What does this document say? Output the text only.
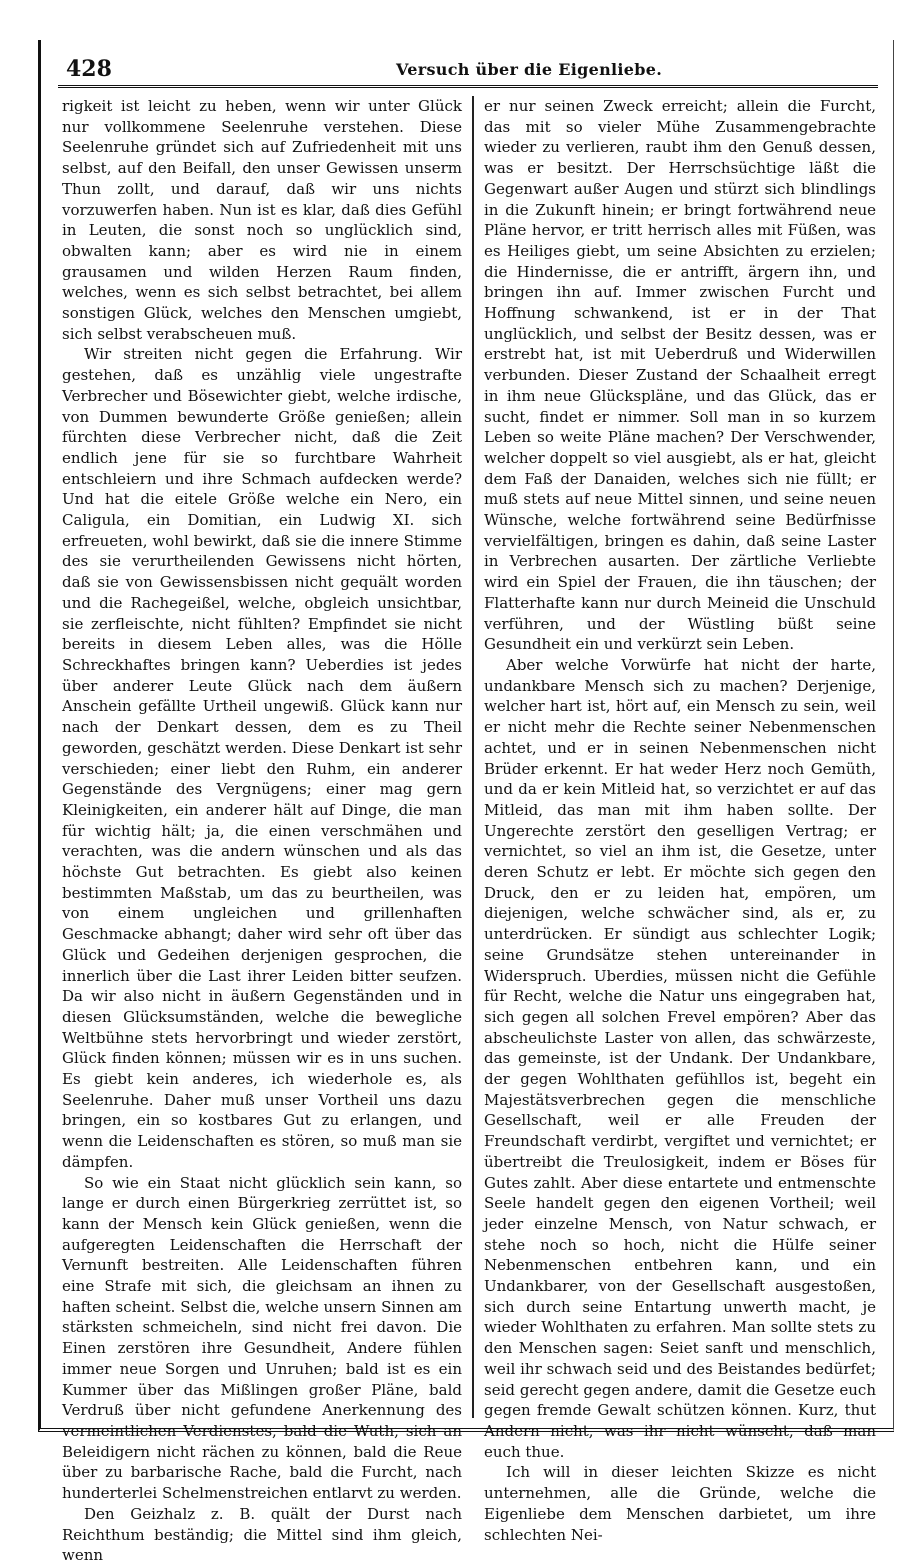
428	Versuch über die Eigenliebe.

rigkeit ist leicht zu heben, wenn wir unter Glück nur vollkommene Seelenruhe verstehen. Diese Seelenruhe gründet sich auf Zufriedenheit mit uns selbst, auf den Beifall, den unser Gewissen unserm Thun zollt, und darauf, daß wir uns nichts vorzuwerfen haben. Nun ist es klar, daß dies Gefühl in Leuten, die sonst noch so unglücklich sind, obwalten kann; aber es wird nie in einem grausamen und wilden Herzen Raum finden, welches, wenn es sich selbst betrachtet, bei allem sonstigen Glück, welches den Menschen umgiebt, sich selbst verabscheuen muß.

Wir streiten nicht gegen die Erfahrung. Wir gestehen, daß es unzählig viele ungestrafte Verbrecher und Bösewichter giebt, welche irdische, von Dummen bewunderte Größe genießen; allein fürchten diese Verbrecher nicht, daß die Zeit endlich jene für sie so furchtbare Wahrheit entschleiern und ihre Schmach aufdecken werde? Und hat die eitele Größe welche ein Nero, ein Caligula, ein Domitian, ein Ludwig XI. sich erfreueten, wohl bewirkt, daß sie die innere Stimme des sie verurtheilenden Gewissens nicht hörten, daß sie von Gewissensbissen nicht gequält worden und die Rachegeißel, welche, obgleich unsichtbar, sie zerfleischte, nicht fühlten? Empfindet sie nicht bereits in diesem Leben alles, was die Hölle Schreckhaftes bringen kann? Ueberdies ist jedes über anderer Leute Glück nach dem äußern Anschein gefällte Urtheil ungewiß. Glück kann nur nach der Denkart dessen, dem es zu Theil geworden, geschätzt werden. Diese Denkart ist sehr verschieden; einer liebt den Ruhm, ein anderer Gegenstände des Vergnügens; einer mag gern Kleinigkeiten, ein anderer hält auf Dinge, die man für wichtig hält; ja, die einen verschmähen und verachten, was die andern wünschen und als das höchste Gut betrachten. Es giebt also keinen bestimmten Maßstab, um das zu beurtheilen, was von einem ungleichen und grillenhaften Geschmacke abhangt; daher wird sehr oft über das Glück und Gedeihen derjenigen gesprochen, die innerlich über die Last ihrer Leiden bitter seufzen. Da wir also nicht in äußern Gegenständen und in diesen Glücksumständen, welche die bewegliche Weltbühne stets hervorbringt und wieder zerstört, Glück finden können; müssen wir es in uns suchen. Es giebt kein anderes, ich wiederhole es, als Seelenruhe. Daher muß unser Vortheil uns dazu bringen, ein so kostbares Gut zu erlangen, und wenn die Leidenschaften es stören, so muß man sie dämpfen.

So wie ein Staat nicht glücklich sein kann, so lange er durch einen Bürgerkrieg zerrüttet ist, so kann der Mensch kein Glück genießen, wenn die aufgeregten Leidenschaften die Herrschaft der Vernunft bestreiten. Alle Leidenschaften führen eine Strafe mit sich, die gleichsam an ihnen zu haften scheint. Selbst die, welche unsern Sinnen am stärksten schmeicheln, sind nicht frei davon. Die Einen zerstören ihre Gesundheit, Andere fühlen immer neue Sorgen und Unruhen; bald ist es ein Kummer über das Mißlingen großer Pläne, bald Verdruß über nicht gefundene Anerkennung des vermeintlichen Verdienstes, bald die Wuth, sich an Beleidigern nicht rächen zu können, bald die Reue über zu barbarische Rache, bald die Furcht, nach hunderterlei Schelmenstreichen entlarvt zu werden.

Den Geizhalz z. B. quält der Durst nach Reichthum beständig; die Mittel sind ihm gleich, wenn

er nur seinen Zweck erreicht; allein die Furcht, das mit so vieler Mühe Zusammengebrachte wieder zu verlieren, raubt ihm den Genuß dessen, was er besitzt. Der Herrschsüchtige läßt die Gegenwart außer Augen und stürzt sich blindlings in die Zukunft hinein; er bringt fortwährend neue Pläne hervor, er tritt herrisch alles mit Füßen, was es Heiliges giebt, um seine Absichten zu erzielen; die Hindernisse, die er antrifft, ärgern ihn, und bringen ihn auf. Immer zwischen Furcht und Hoffnung schwankend, ist er in der That unglücklich, und selbst der Besitz dessen, was er erstrebt hat, ist mit Ueberdruß und Widerwillen verbunden. Dieser Zustand der Schaalheit erregt in ihm neue Glückspläne, und das Glück, das er sucht, findet er nimmer. Soll man in so kurzem Leben so weite Pläne machen? Der Verschwender, welcher doppelt so viel ausgiebt, als er hat, gleicht dem Faß der Danaiden, welches sich nie füllt; er muß stets auf neue Mittel sinnen, und seine neuen Wünsche, welche fortwährend seine Bedürfnisse vervielfältigen, bringen es dahin, daß seine Laster in Verbrechen ausarten. Der zärtliche Verliebte wird ein Spiel der Frauen, die ihn täuschen; der Flatterhafte kann nur durch Meineid die Unschuld verführen, und der Wüstling büßt seine Gesundheit ein und verkürzt sein Leben.

Aber welche Vorwürfe hat nicht der harte, undankbare Mensch sich zu machen? Derjenige, welcher hart ist, hört auf, ein Mensch zu sein, weil er nicht mehr die Rechte seiner Nebenmenschen achtet, und er in seinen Nebenmenschen nicht Brüder erkennt. Er hat weder Herz noch Gemüth, und da er kein Mitleid hat, so verzichtet er auf das Mitleid, das man mit ihm haben sollte. Der Ungerechte zerstört den geselligen Vertrag; er vernichtet, so viel an ihm ist, die Gesetze, unter deren Schutz er lebt. Er möchte sich gegen den Druck, den er zu leiden hat, empören, um diejenigen, welche schwächer sind, als er, zu unterdrücken. Er sündigt aus schlechter Logik; seine Grundsätze stehen untereinander in Widerspruch. Uberdies, müssen nicht die Gefühle für Recht, welche die Natur uns eingegraben hat, sich gegen all solchen Frevel empören? Aber das abscheulichste Laster von allen, das schwärzeste, das gemeinste, ist der Undank. Der Undankbare, der gegen Wohlthaten gefühllos ist, begeht ein Majestätsverbrechen gegen die menschliche Gesellschaft, weil er alle Freuden der Freundschaft verdirbt, vergiftet und vernichtet; er übertreibt die Treulosigkeit, indem er Böses für Gutes zahlt. Aber diese entartete und entmenschte Seele handelt gegen den eigenen Vortheil; weil jeder einzelne Mensch, von Natur schwach, er stehe noch so hoch, nicht die Hülfe seiner Nebenmenschen entbehren kann, und ein Undankbarer, von der Gesellschaft ausgestoßen, sich durch seine Entartung unwerth macht, je wieder Wohlthaten zu erfahren. Man sollte stets zu den Menschen sagen: Seiet sanft und menschlich, weil ihr schwach seid und des Beistandes bedürfet; seid gerecht gegen andere, damit die Gesetze euch gegen fremde Gewalt schützen können. Kurz, thut Andern nicht, was ihr nicht wünscht, daß man euch thue.

Ich will in dieser leichten Skizze es nicht unternehmen, alle die Gründe, welche die Eigenliebe dem Menschen darbietet, um ihre schlechten Nei-
